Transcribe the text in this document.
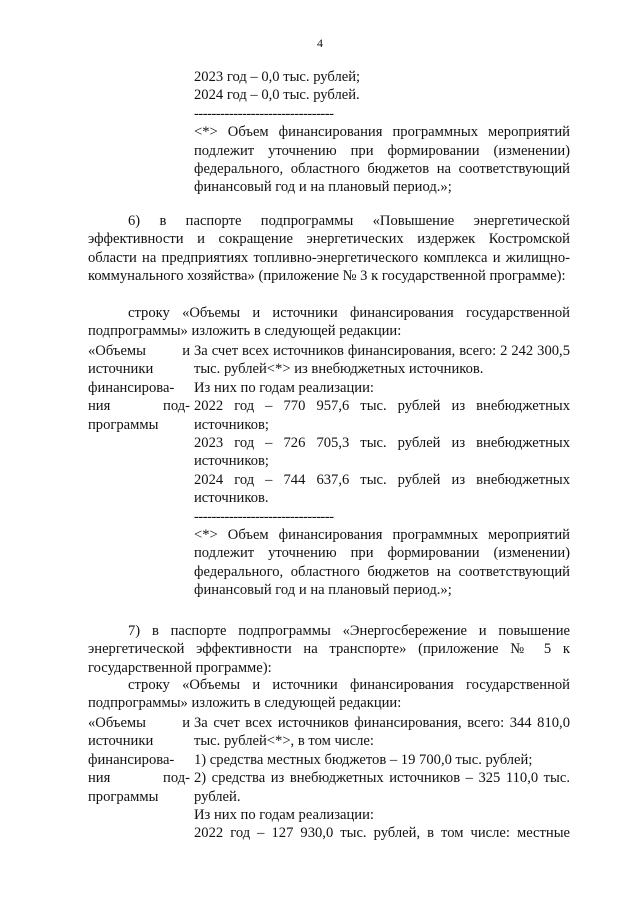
4
2023 год – 0,0 тыс. рублей;
2024 год – 0,0 тыс. рублей.
--------------------------------
<*> Объем финансирования программных мероприятий подлежит уточнению при формировании (изменении) федерального, областного бюджетов на соответствующий финансовый год и на плановый период.»;
6) в паспорте подпрограммы «Повышение энергетической эффективности и сокращение энергетических издержек Костромской области на предприятиях топливно-энергетического комплекса и жилищно-коммунального хозяйства» (приложение № 3 к государственной программе):
строку «Объемы и источники финансирования государственной подпрограммы» изложить в следующей редакции:
«Объемы и
источники
финансирова-
ния под-
программы
За счет всех источников финансирования, всего: 2 242 300,5 тыс. рублей<*> из внебюджетных источников.
Из них по годам реализации:
2022 год – 770 957,6 тыс. рублей из внебюджетных источников;
2023 год – 726 705,3 тыс. рублей из внебюджетных источников;
2024 год – 744 637,6 тыс. рублей из внебюджетных источников.
--------------------------------
<*> Объем финансирования программных мероприятий подлежит уточнению при формировании (изменении) федерального, областного бюджетов на соответствующий финансовый год и на плановый период.»;
7) в паспорте подпрограммы «Энергосбережение и повышение энергетической эффективности на транспорте» (приложение № 5 к государственной программе):
строку «Объемы и источники финансирования государственной подпрограммы» изложить в следующей редакции:
«Объемы и
источники
финансирова-
ния под-
программы
За счет всех источников финансирования, всего: 344 810,0 тыс. рублей<*>, в том числе:
1) средства местных бюджетов – 19 700,0 тыс. рублей;
2) средства из внебюджетных источников – 325 110,0 тыс. рублей.
Из них по годам реализации:
2022 год – 127 930,0 тыс. рублей, в том числе: местные
